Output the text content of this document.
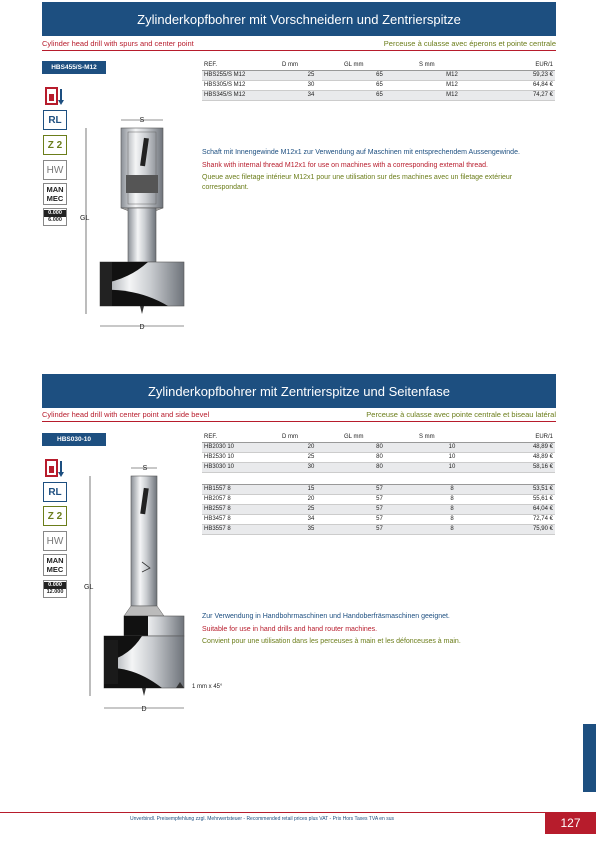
Zylinderkopfbohrer mit Vorschneidern und Zentrierspitze
Cylinder head drill with spurs and center point	Perceuse à culasse avec éperons et pointe centrale
HBS455/S-M12
RL
Z 2
HW
MAN
MEC
0.000
6.000
REF.	D mm	GL mm	S mm	EUR/1
HBS255/S M12	25	65	M12	59,23 €
HBS305/S M12	30	65	M12	64,84 €
HBS345/S M12	34	65	M12	74,27 €

Schaft mit Innengewinde M12x1 zur Verwendung auf Maschinen mit entsprechendem Aussengewinde.

Shank with internal thread M12x1 for use on machines with a corresponding external thread.

Queue avec filetage intérieur M12x1 pour une utilisation sur des machines avec un filetage extérieur correspondant.

S
GL
D
Zylinderkopfbohrer mit Zentrierspitze und Seitenfase
Cylinder head drill with center point and side bevel	Perceuse à culasse avec pointe centrale et biseau latéral
HBS030-10
RL
Z 2
HW
MAN
MEC
0.000
12.000
REF.	D mm	GL mm	S mm	EUR/1
HB2030 10	20	80	10	48,89 €
HB2530 10	25	80	10	48,89 €
HB3030 10	30	80	10	58,16 €

HB1557 8	15	57	8	53,51 €
HB2057 8	20	57	8	55,61 €
HB2557 8	25	57	8	64,04 €
HB3457 8	34	57	8	72,74 €
HB3557 8	35	57	8	75,90 €

Zur Verwendung in Handbohrmaschinen und Handoberfräsmaschinen geeignet.

Suitable for use in hand drills and hand router machines.

Convient pour une utilisation dans les perceuses à main et les défonceuses à main.

S
GL
1 mm x 45°
D
Unverbindl. Preisempfehlung zzgl. Mehrwertsteuer - Recommended retail prices plus VAT - Prix Hors Taxes TVA en sus	127
